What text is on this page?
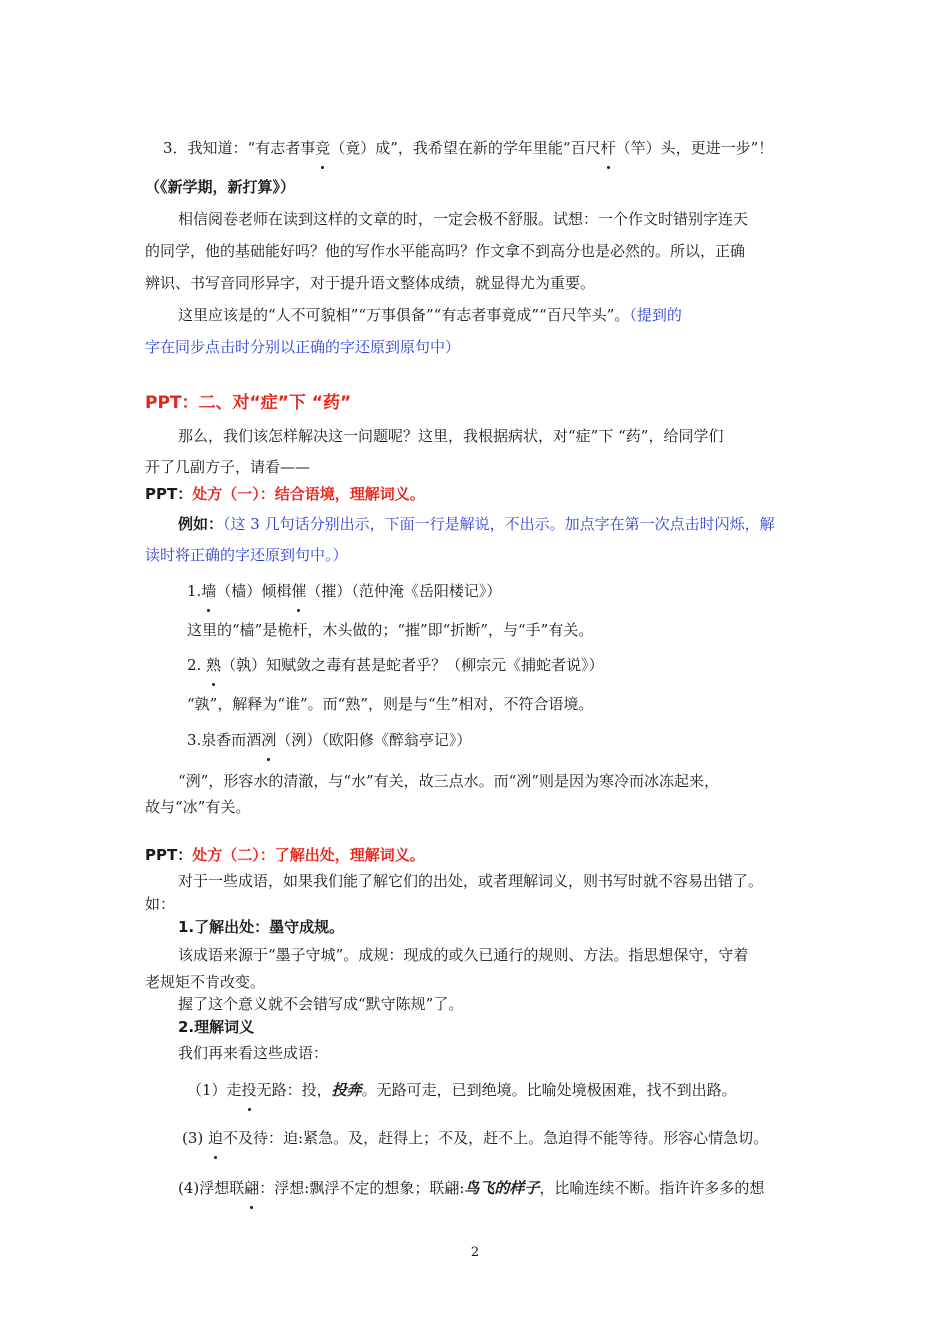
3．我知道：“有志者事竞（竟）成”，我希望在新的学年里能“百尺杆（竿）头，更进一步”！
（《新学期，新打算》）
相信阅卷老师在读到这样的文章的时，一定会极不舒服。试想：一个作文时错别字连天
的同学，他的基础能好吗？他的写作水平能高吗？作文拿不到高分也是必然的。所以，正确
辨识、书写音同形异字，对于提升语文整体成绩，就显得尤为重要。
这里应该是的“人不可貌相”“万事俱备”“有志者事竟成”“百尺竿头”。（提到的
字在同步点击时分别以正确的字还原到原句中）
PPT：二、对“症”下 “药”
那么，我们该怎样解决这一问题呢？这里，我根据病状，对“症”下 “药”，给同学们
开了几副方子，请看——
PPT：处方（一）：结合语境，理解词义。
例如：（这 3 几句话分别出示，下面一行是解说，不出示。加点字在第一次点击时闪烁，解
读时将正确的字还原到句中。）
1.墙（樯）倾楫催（摧）（范仲淹《岳阳楼记》）
这里的“樯”是桅杆，木头做的；“摧”即“折断”，与“手”有关。
2. 熟（孰）知赋敛之毒有甚是蛇者乎？（柳宗元《捕蛇者说》）
“孰”，解释为“谁”。而“熟”，则是与“生”相对，不符合语境。
3.泉香而酒冽（洌）（欧阳修《醉翁亭记》）
“洌”，形容水的清澈，与“水”有关，故三点水。而“冽”则是因为寒冷而冰冻起来，
故与“冰”有关。
PPT：处方（二）：了解出处，理解词义。
对于一些成语，如果我们能了解它们的出处，或者理解词义，则书写时就不容易出错了。
如：
1.了解出处：墨守成规。
该成语来源于“墨子守城”。成规：现成的或久已通行的规则、方法。指思想保守，守着
老规矩不肯改变。
握了这个意义就不会错写成“默守陈规”了。
2.理解词义
我们再来看这些成语：
（1）走投无路：投，投奔。无路可走，已到绝境。比喻处境极困难，找不到出路。
(3) 迫不及待：迫:紧急。及，赶得上；不及，赶不上。急迫得不能等待。形容心情急切。
(4)浮想联翩：浮想:飘浮不定的想象；联翩:鸟飞的样子，比喻连续不断。指许许多多的想
2
